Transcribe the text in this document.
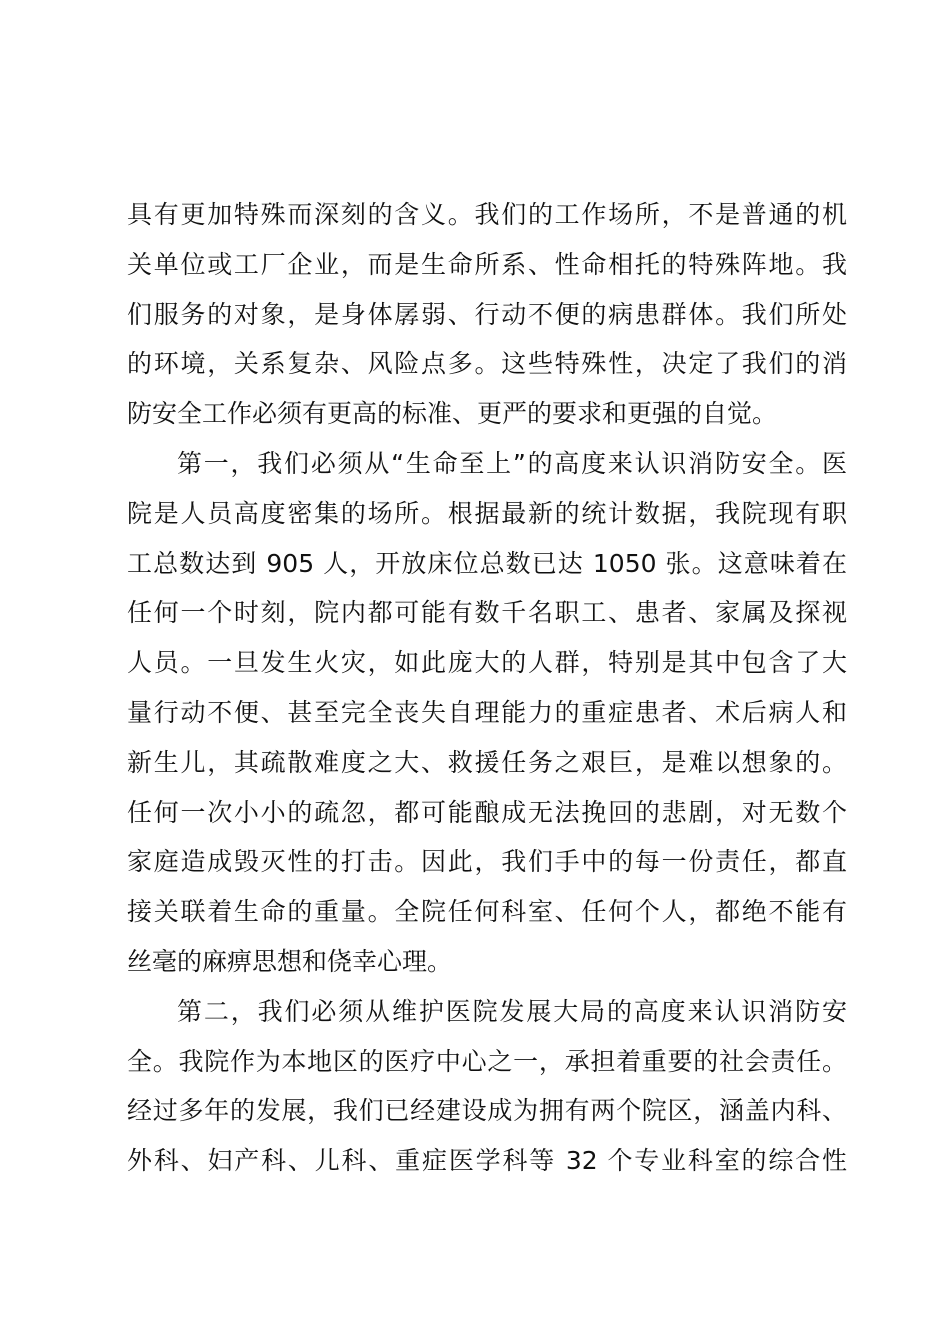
具有更加特殊而深刻的含义。我们的工作场所，不是普通的机
关单位或工厂企业，而是生命所系、性命相托的特殊阵地。我
们服务的对象，是身体孱弱、行动不便的病患群体。我们所处
的环境，关系复杂、风险点多。这些特殊性，决定了我们的消
防安全工作必须有更高的标准、更严的要求和更强的自觉。
第一，我们必须从“生命至上”的高度来认识消防安全。医
院是人员高度密集的场所。根据最新的统计数据，我院现有职
工总数达到 905 人，开放床位总数已达 1050 张。这意味着在
任何一个时刻，院内都可能有数千名职工、患者、家属及探视
人员。一旦发生火灾，如此庞大的人群，特别是其中包含了大
量行动不便、甚至完全丧失自理能力的重症患者、术后病人和
新生儿，其疏散难度之大、救援任务之艰巨，是难以想象的。
任何一次小小的疏忽，都可能酿成无法挽回的悲剧，对无数个
家庭造成毁灭性的打击。因此，我们手中的每一份责任，都直
接关联着生命的重量。全院任何科室、任何个人，都绝不能有
丝毫的麻痹思想和侥幸心理。
第二，我们必须从维护医院发展大局的高度来认识消防安
全。我院作为本地区的医疗中心之一，承担着重要的社会责任。
经过多年的发展，我们已经建设成为拥有两个院区，涵盖内科、
外科、妇产科、儿科、重症医学科等 32 个专业科室的综合性
